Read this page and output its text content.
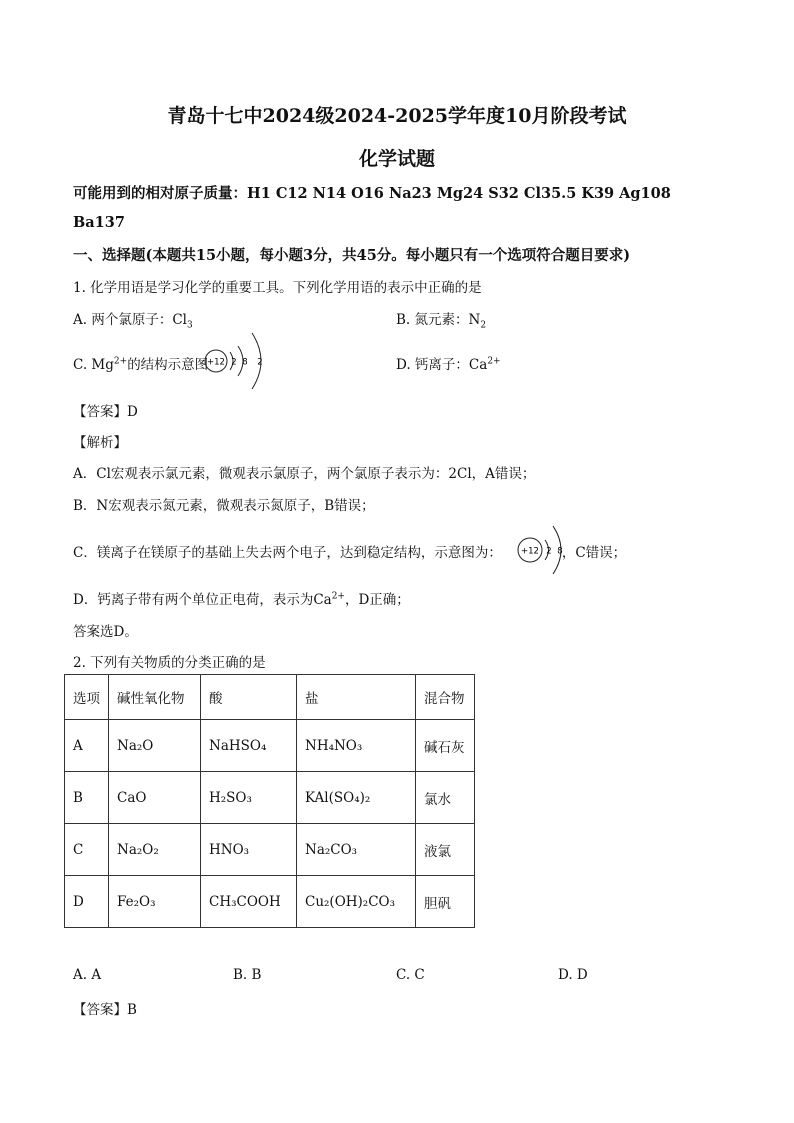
青岛十七中2024级2024-2025学年度10月阶段考试
化学试题
可能用到的相对原子质量：H1 C12 N14 O16 Na23 Mg24 S32 Cl35.5 K39 Ag108
Ba137
一、选择题(本题共15小题，每小题3分，共45分。每小题只有一个选项符合题目要求)
1. 化学用语是学习化学的重要工具。下列化学用语的表示中正确的是
A. 两个氯原子：$Cl_3$	B. 氮元素：$N_2$
C. $Mg^{2+}$的结构示意图
+12 2 8 2	D. 钙离子：$Ca^{2+}$
【答案】D
【解析】
A．Cl宏观表示氯元素，微观表示氯原子，两个氯原子表示为：2Cl，A错误；
B．N宏观表示氮元素，微观表示氮原子，B错误；
C．镁离子在镁原子的基础上失去两个电子，达到稳定结构，示意图为：	，C错误；
+12 2 8
D．钙离子带有两个单位正电荷，表示为$Ca^{2+}$，D正确；
答案选D。
2. 下列有关物质的分类正确的是
选项	碱性氧化物	酸	盐	混合物
A	Na₂O	NaHSO₄	NH₄NO₃	碱石灰
B	CaO	H₂SO₃	KAl(SO₄)₂	氯水
C	Na₂O₂	HNO₃	Na₂CO₃	液氯
D	Fe₂O₃	CH₃COOH	Cu₂(OH)₂CO₃	胆矾
A. A	B. B	C. C	D. D
【答案】B
